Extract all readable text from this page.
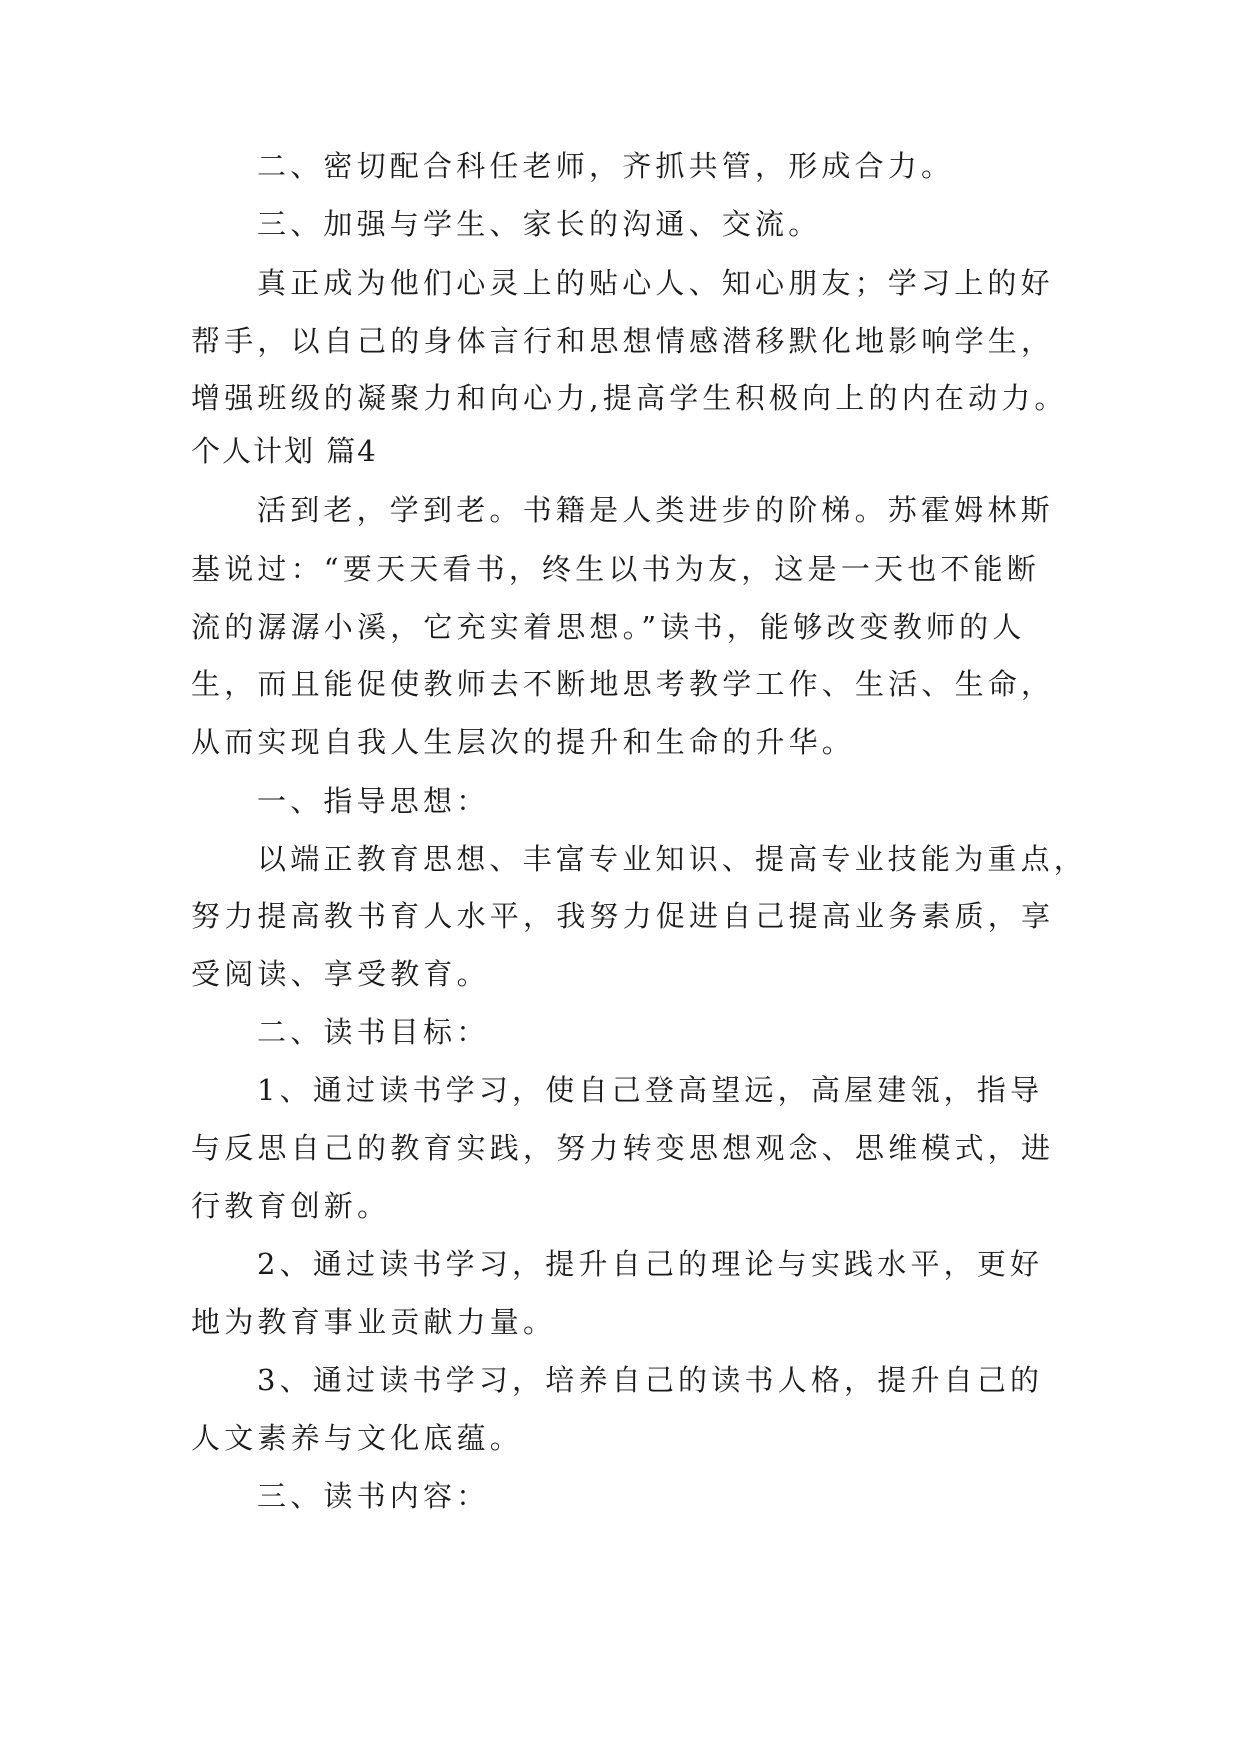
二、密切配合科任老师，齐抓共管，形成合力。
三、加强与学生、家长的沟通、交流。
真正成为他们心灵上的贴心人、知心朋友；学习上的好
帮手，以自己的身体言行和思想情感潜移默化地影响学生，
增强班级的凝聚力和向心力,提高学生积极向上的内在动力。
个人计划 篇4
活到老，学到老。书籍是人类进步的阶梯。苏霍姆林斯
基说过：“要天天看书，终生以书为友，这是一天也不能断
流的潺潺小溪，它充实着思想。”读书，能够改变教师的人
生，而且能促使教师去不断地思考教学工作、生活、生命，
从而实现自我人生层次的提升和生命的升华。
一、指导思想：
以端正教育思想、丰富专业知识、提高专业技能为重点，
努力提高教书育人水平，我努力促进自己提高业务素质，享
受阅读、享受教育。
二、读书目标：
1、通过读书学习，使自己登高望远，高屋建瓴，指导
与反思自己的教育实践，努力转变思想观念、思维模式，进
行教育创新。
2、通过读书学习，提升自己的理论与实践水平，更好
地为教育事业贡献力量。
3、通过读书学习，培养自己的读书人格，提升自己的
人文素养与文化底蕴。
三、读书内容：
